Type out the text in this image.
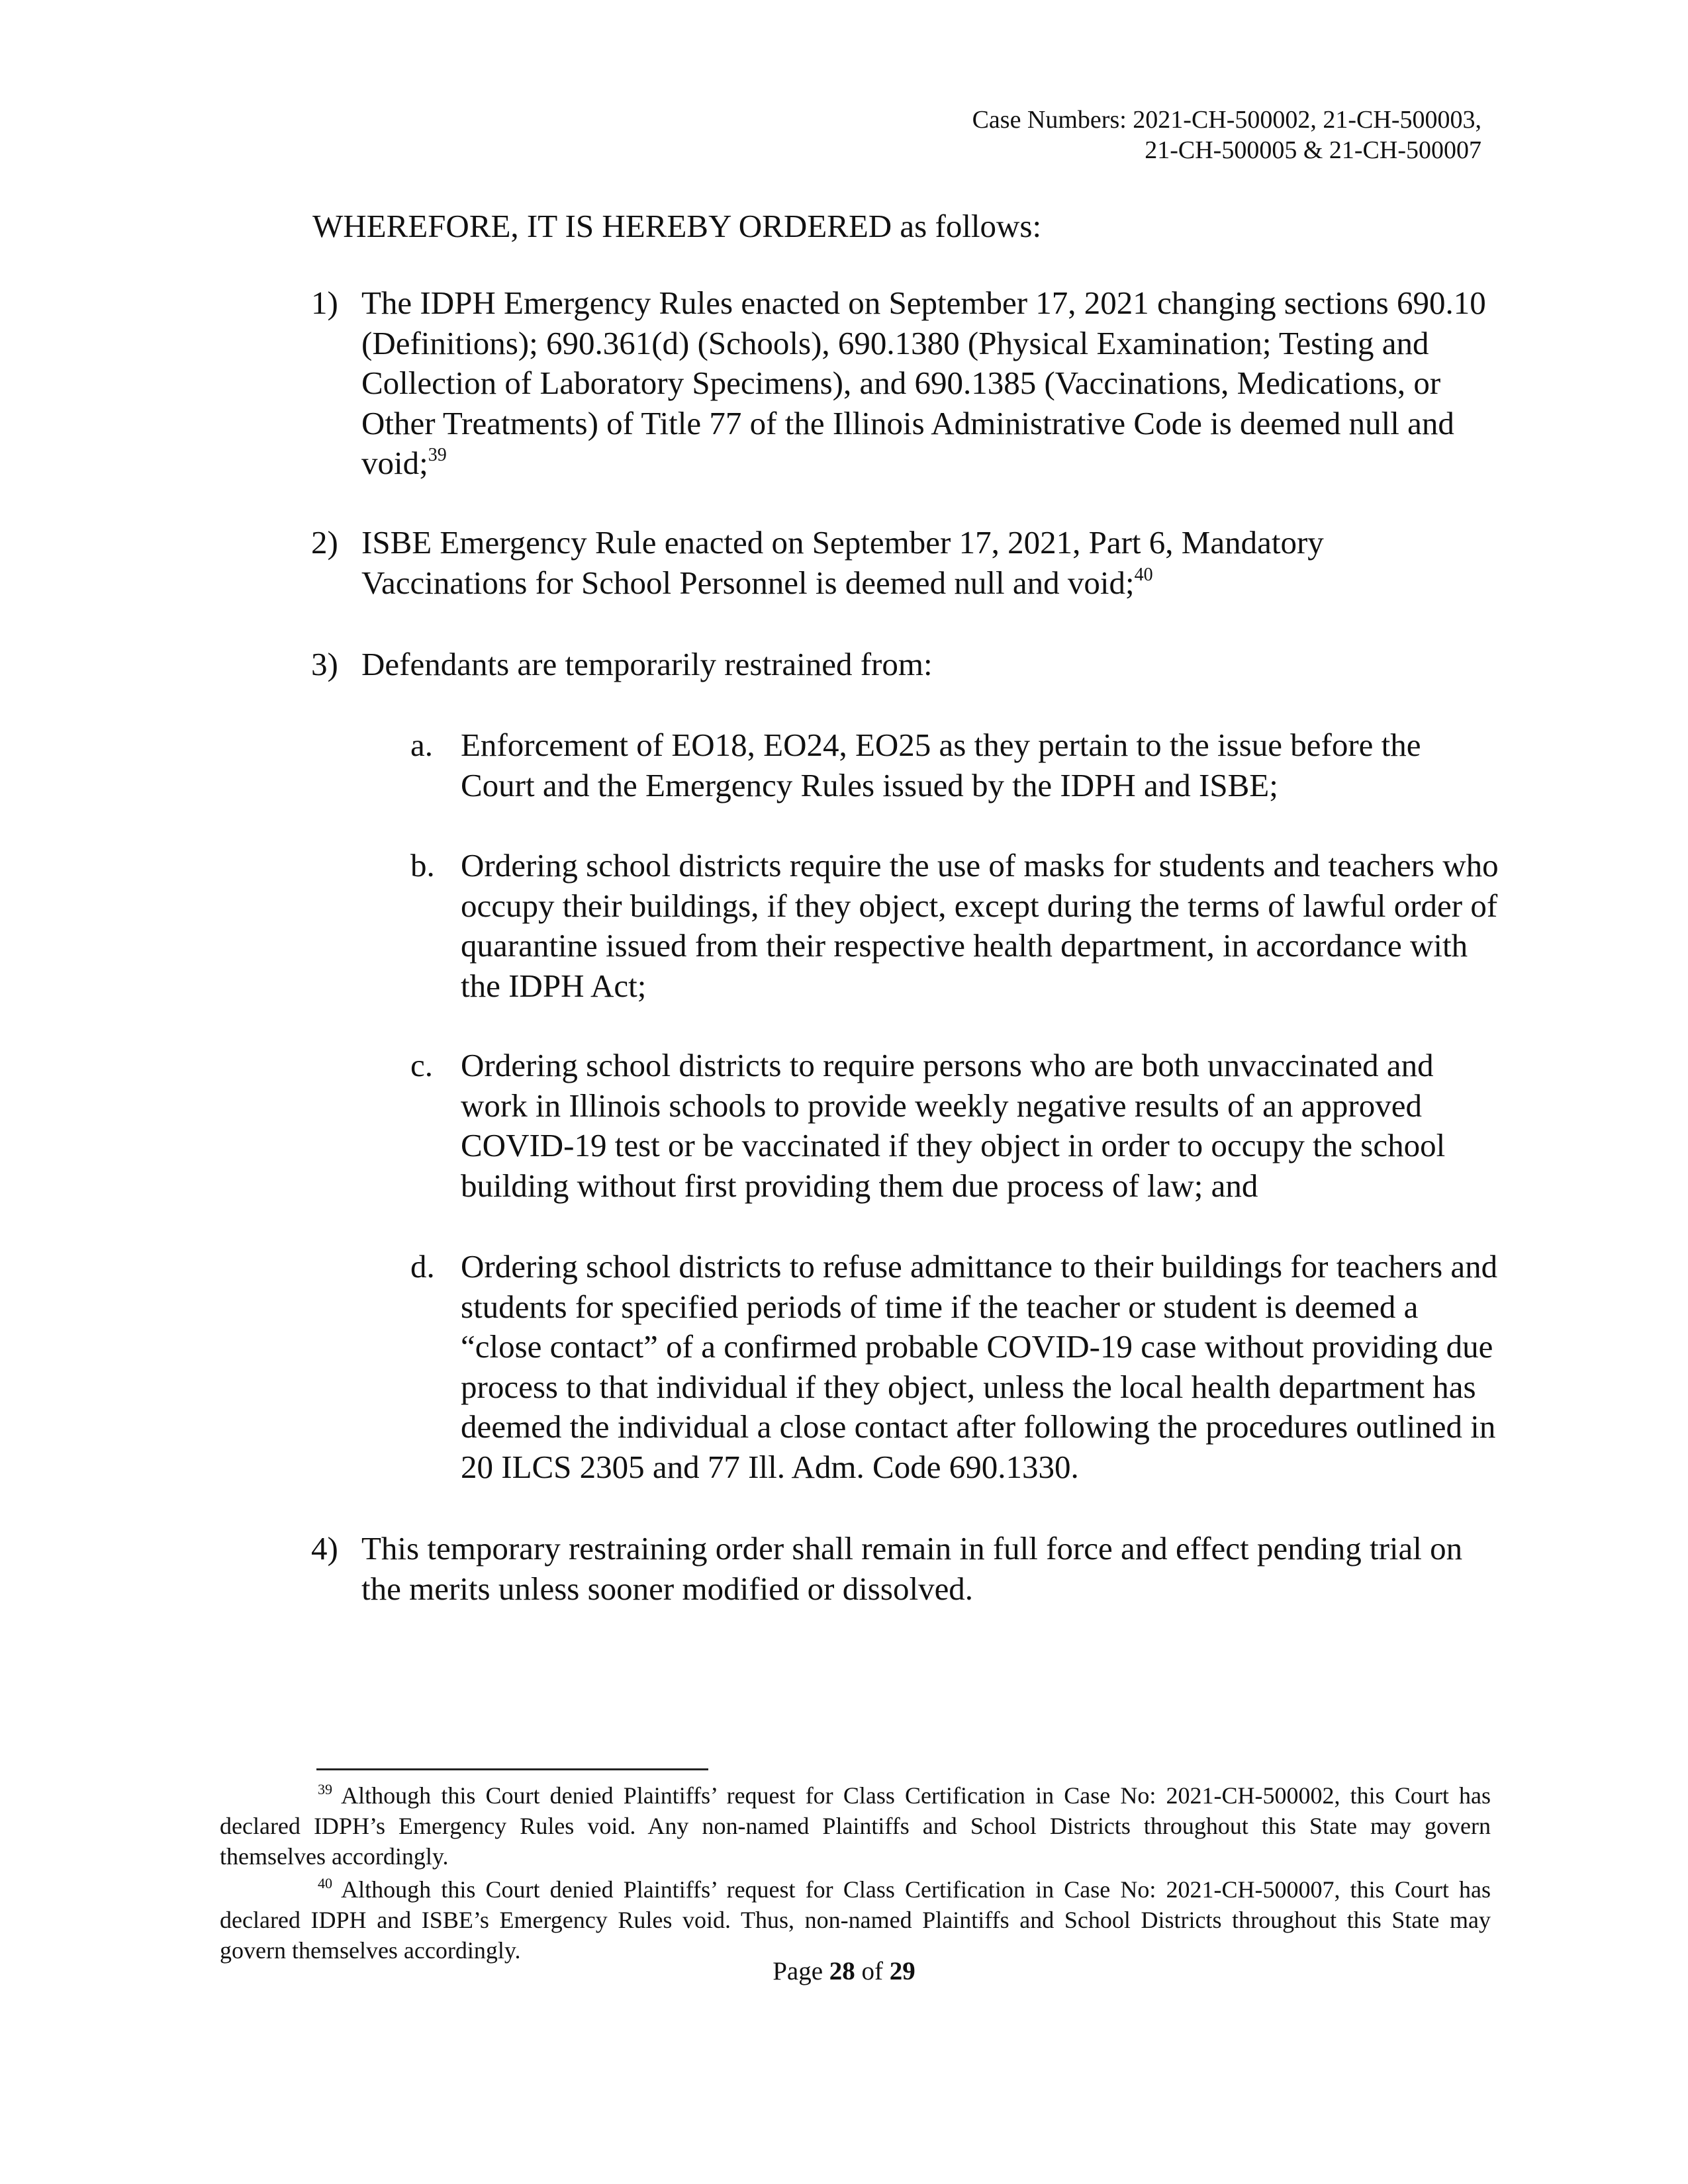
Case Numbers: 2021-CH-500002, 21-CH-500003,
21-CH-500005 & 21-CH-500007
WHEREFORE, IT IS HEREBY ORDERED as follows:
1) The IDPH Emergency Rules enacted on September 17, 2021 changing sections 690.10 (Definitions); 690.361(d) (Schools), 690.1380 (Physical Examination; Testing and Collection of Laboratory Specimens), and 690.1385 (Vaccinations, Medications, or Other Treatments) of Title 77 of the Illinois Administrative Code is deemed null and void;$^{39}$
2) ISBE Emergency Rule enacted on September 17, 2021, Part 6, Mandatory Vaccinations for School Personnel is deemed null and void;$^{40}$
3) Defendants are temporarily restrained from:
a. Enforcement of EO18, EO24, EO25 as they pertain to the issue before the Court and the Emergency Rules issued by the IDPH and ISBE;
b. Ordering school districts require the use of masks for students and teachers who occupy their buildings, if they object, except during the terms of lawful order of quarantine issued from their respective health department, in accordance with the IDPH Act;
c. Ordering school districts to require persons who are both unvaccinated and work in Illinois schools to provide weekly negative results of an approved COVID-19 test or be vaccinated if they object in order to occupy the school building without first providing them due process of law; and
d. Ordering school districts to refuse admittance to their buildings for teachers and students for specified periods of time if the teacher or student is deemed a “close contact” of a confirmed probable COVID-19 case without providing due process to that individual if they object, unless the local health department has deemed the individual a close contact after following the procedures outlined in 20 ILCS 2305 and 77 Ill. Adm. Code 690.1330.
4) This temporary restraining order shall remain in full force and effect pending trial on the merits unless sooner modified or dissolved.
$^{39}$ Although this Court denied Plaintiffs’ request for Class Certification in Case No: 2021-CH-500002, this Court has declared IDPH’s Emergency Rules void. Any non-named Plaintiffs and School Districts throughout this State may govern themselves accordingly.
$^{40}$ Although this Court denied Plaintiffs’ request for Class Certification in Case No: 2021-CH-500007, this Court has declared IDPH and ISBE’s Emergency Rules void. Thus, non-named Plaintiffs and School Districts throughout this State may govern themselves accordingly.
Page 28 of 29
